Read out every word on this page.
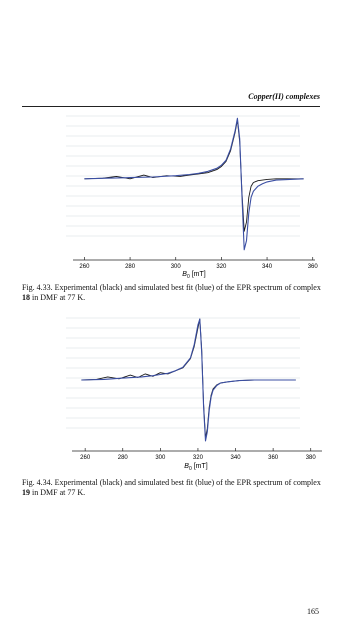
Copper(II) complexes
260	280	300	320	340	360
$B_0$ [mT]
Fig. 4.33. Experimental (black) and simulated best fit (blue) of the EPR spectrum of complex 18 in DMF at 77 K.
260	280	300	320	340	360	380
$B_0$ [mT]
Fig. 4.34. Experimental (black) and simulated best fit (blue) of the EPR spectrum of complex 19 in DMF at 77 K.
165
